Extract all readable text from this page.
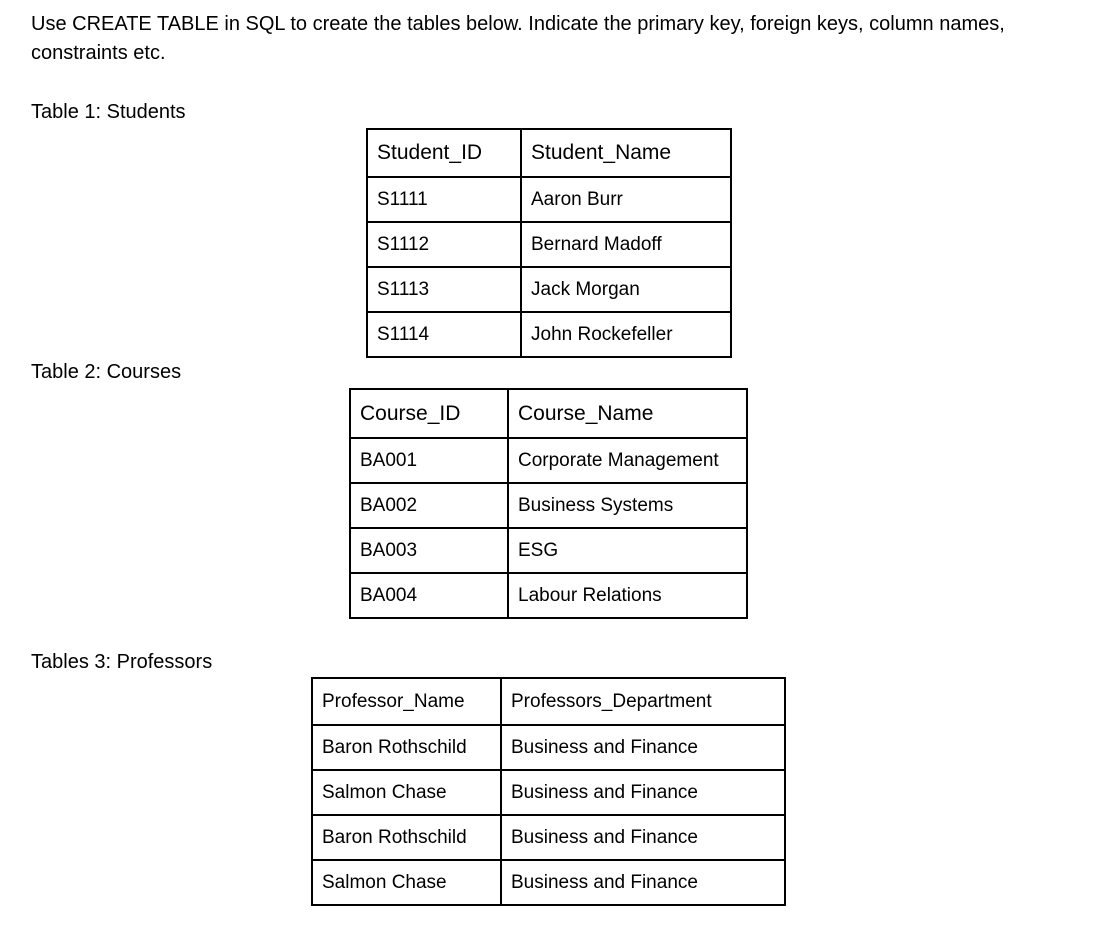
Use CREATE TABLE in SQL to create the tables below. Indicate the primary key, foreign keys, column names, constraints etc.

Table 1: Students

Student_ID	Student_Name
S1111	Aaron Burr
S1112	Bernard Madoff
S1113	Jack Morgan
S1114	John Rockefeller

Table 2: Courses

Course_ID	Course_Name
BA001	Corporate Management
BA002	Business Systems
BA003	ESG
BA004	Labour Relations

Tables 3: Professors

Professor_Name	Professors_Department
Baron Rothschild	Business and Finance
Salmon Chase	Business and Finance
Baron Rothschild	Business and Finance
Salmon Chase	Business and Finance
